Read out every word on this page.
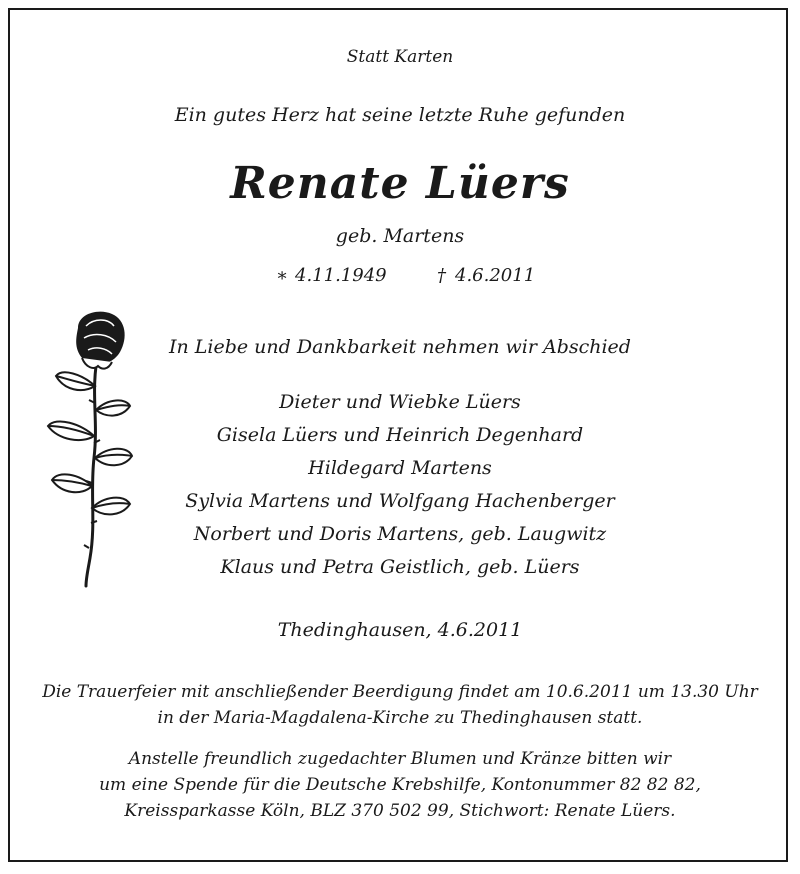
Statt Karten

Ein gutes Herz hat seine letzte Ruhe gefunden

Renate Lüers

geb. Martens

∗ 4.11.1949	† 4.6.2011

In Liebe und Dankbarkeit nehmen wir Abschied

Dieter und Wiebke Lüers

Gisela Lüers und Heinrich Degenhard

Hildegard Martens

Sylvia Martens und Wolfgang Hachenberger

Norbert und Doris Martens, geb. Laugwitz

Klaus und Petra Geistlich, geb. Lüers

Thedinghausen, 4.6.2011

Die Trauerfeier mit anschließender Beerdigung findet am 10.6.2011 um 13.30 Uhr

in der Maria-Magdalena-Kirche zu Thedinghausen statt.

Anstelle freundlich zugedachter Blumen und Kränze bitten wir

um eine Spende für die Deutsche Krebshilfe, Kontonummer 82 82 82,

Kreissparkasse Köln, BLZ 370 502 99, Stichwort: Renate Lüers.
